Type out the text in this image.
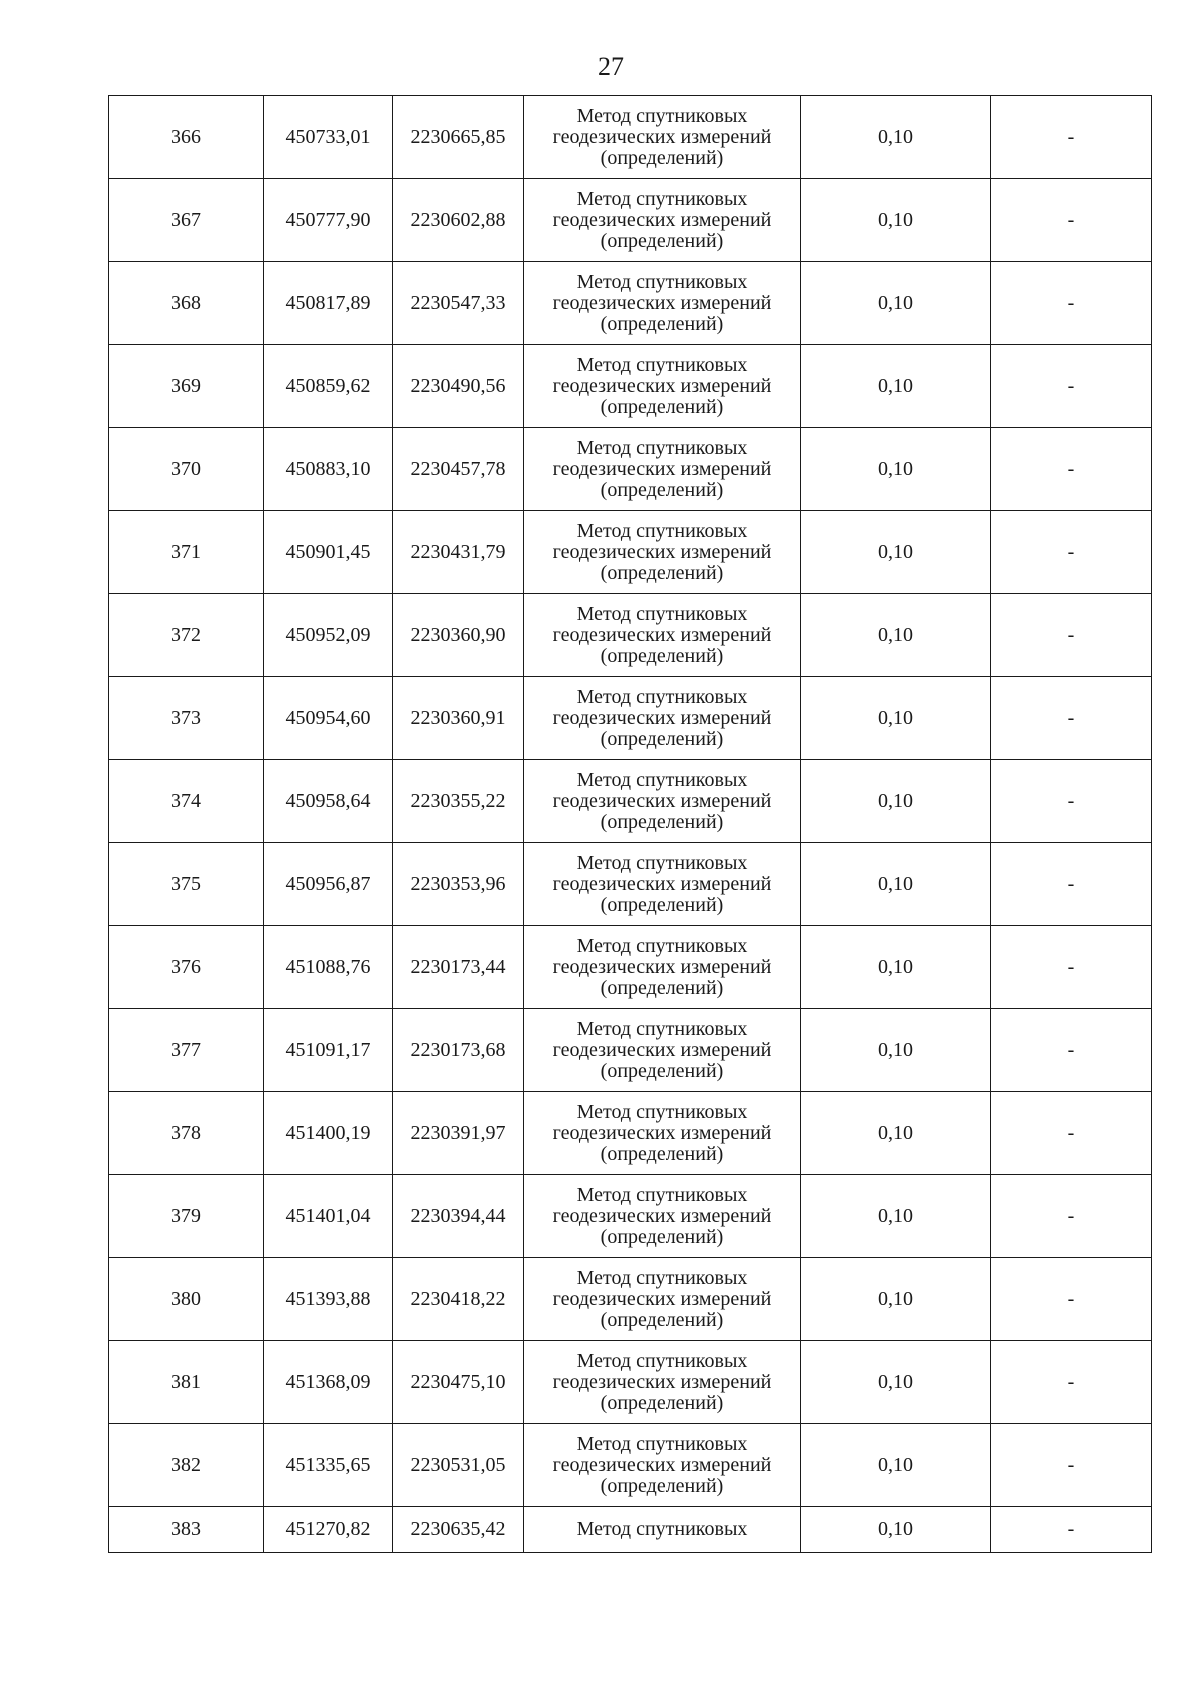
27
366	450733,01	2230665,85	Метод спутниковых
геодезических измерений
(определений)	0,10	-
367	450777,90	2230602,88	Метод спутниковых
геодезических измерений
(определений)	0,10	-
368	450817,89	2230547,33	Метод спутниковых
геодезических измерений
(определений)	0,10	-
369	450859,62	2230490,56	Метод спутниковых
геодезических измерений
(определений)	0,10	-
370	450883,10	2230457,78	Метод спутниковых
геодезических измерений
(определений)	0,10	-
371	450901,45	2230431,79	Метод спутниковых
геодезических измерений
(определений)	0,10	-
372	450952,09	2230360,90	Метод спутниковых
геодезических измерений
(определений)	0,10	-
373	450954,60	2230360,91	Метод спутниковых
геодезических измерений
(определений)	0,10	-
374	450958,64	2230355,22	Метод спутниковых
геодезических измерений
(определений)	0,10	-
375	450956,87	2230353,96	Метод спутниковых
геодезических измерений
(определений)	0,10	-
376	451088,76	2230173,44	Метод спутниковых
геодезических измерений
(определений)	0,10	-
377	451091,17	2230173,68	Метод спутниковых
геодезических измерений
(определений)	0,10	-
378	451400,19	2230391,97	Метод спутниковых
геодезических измерений
(определений)	0,10	-
379	451401,04	2230394,44	Метод спутниковых
геодезических измерений
(определений)	0,10	-
380	451393,88	2230418,22	Метод спутниковых
геодезических измерений
(определений)	0,10	-
381	451368,09	2230475,10	Метод спутниковых
геодезических измерений
(определений)	0,10	-
382	451335,65	2230531,05	Метод спутниковых
геодезических измерений
(определений)	0,10	-
383	451270,82	2230635,42	Метод спутниковых	0,10	-
